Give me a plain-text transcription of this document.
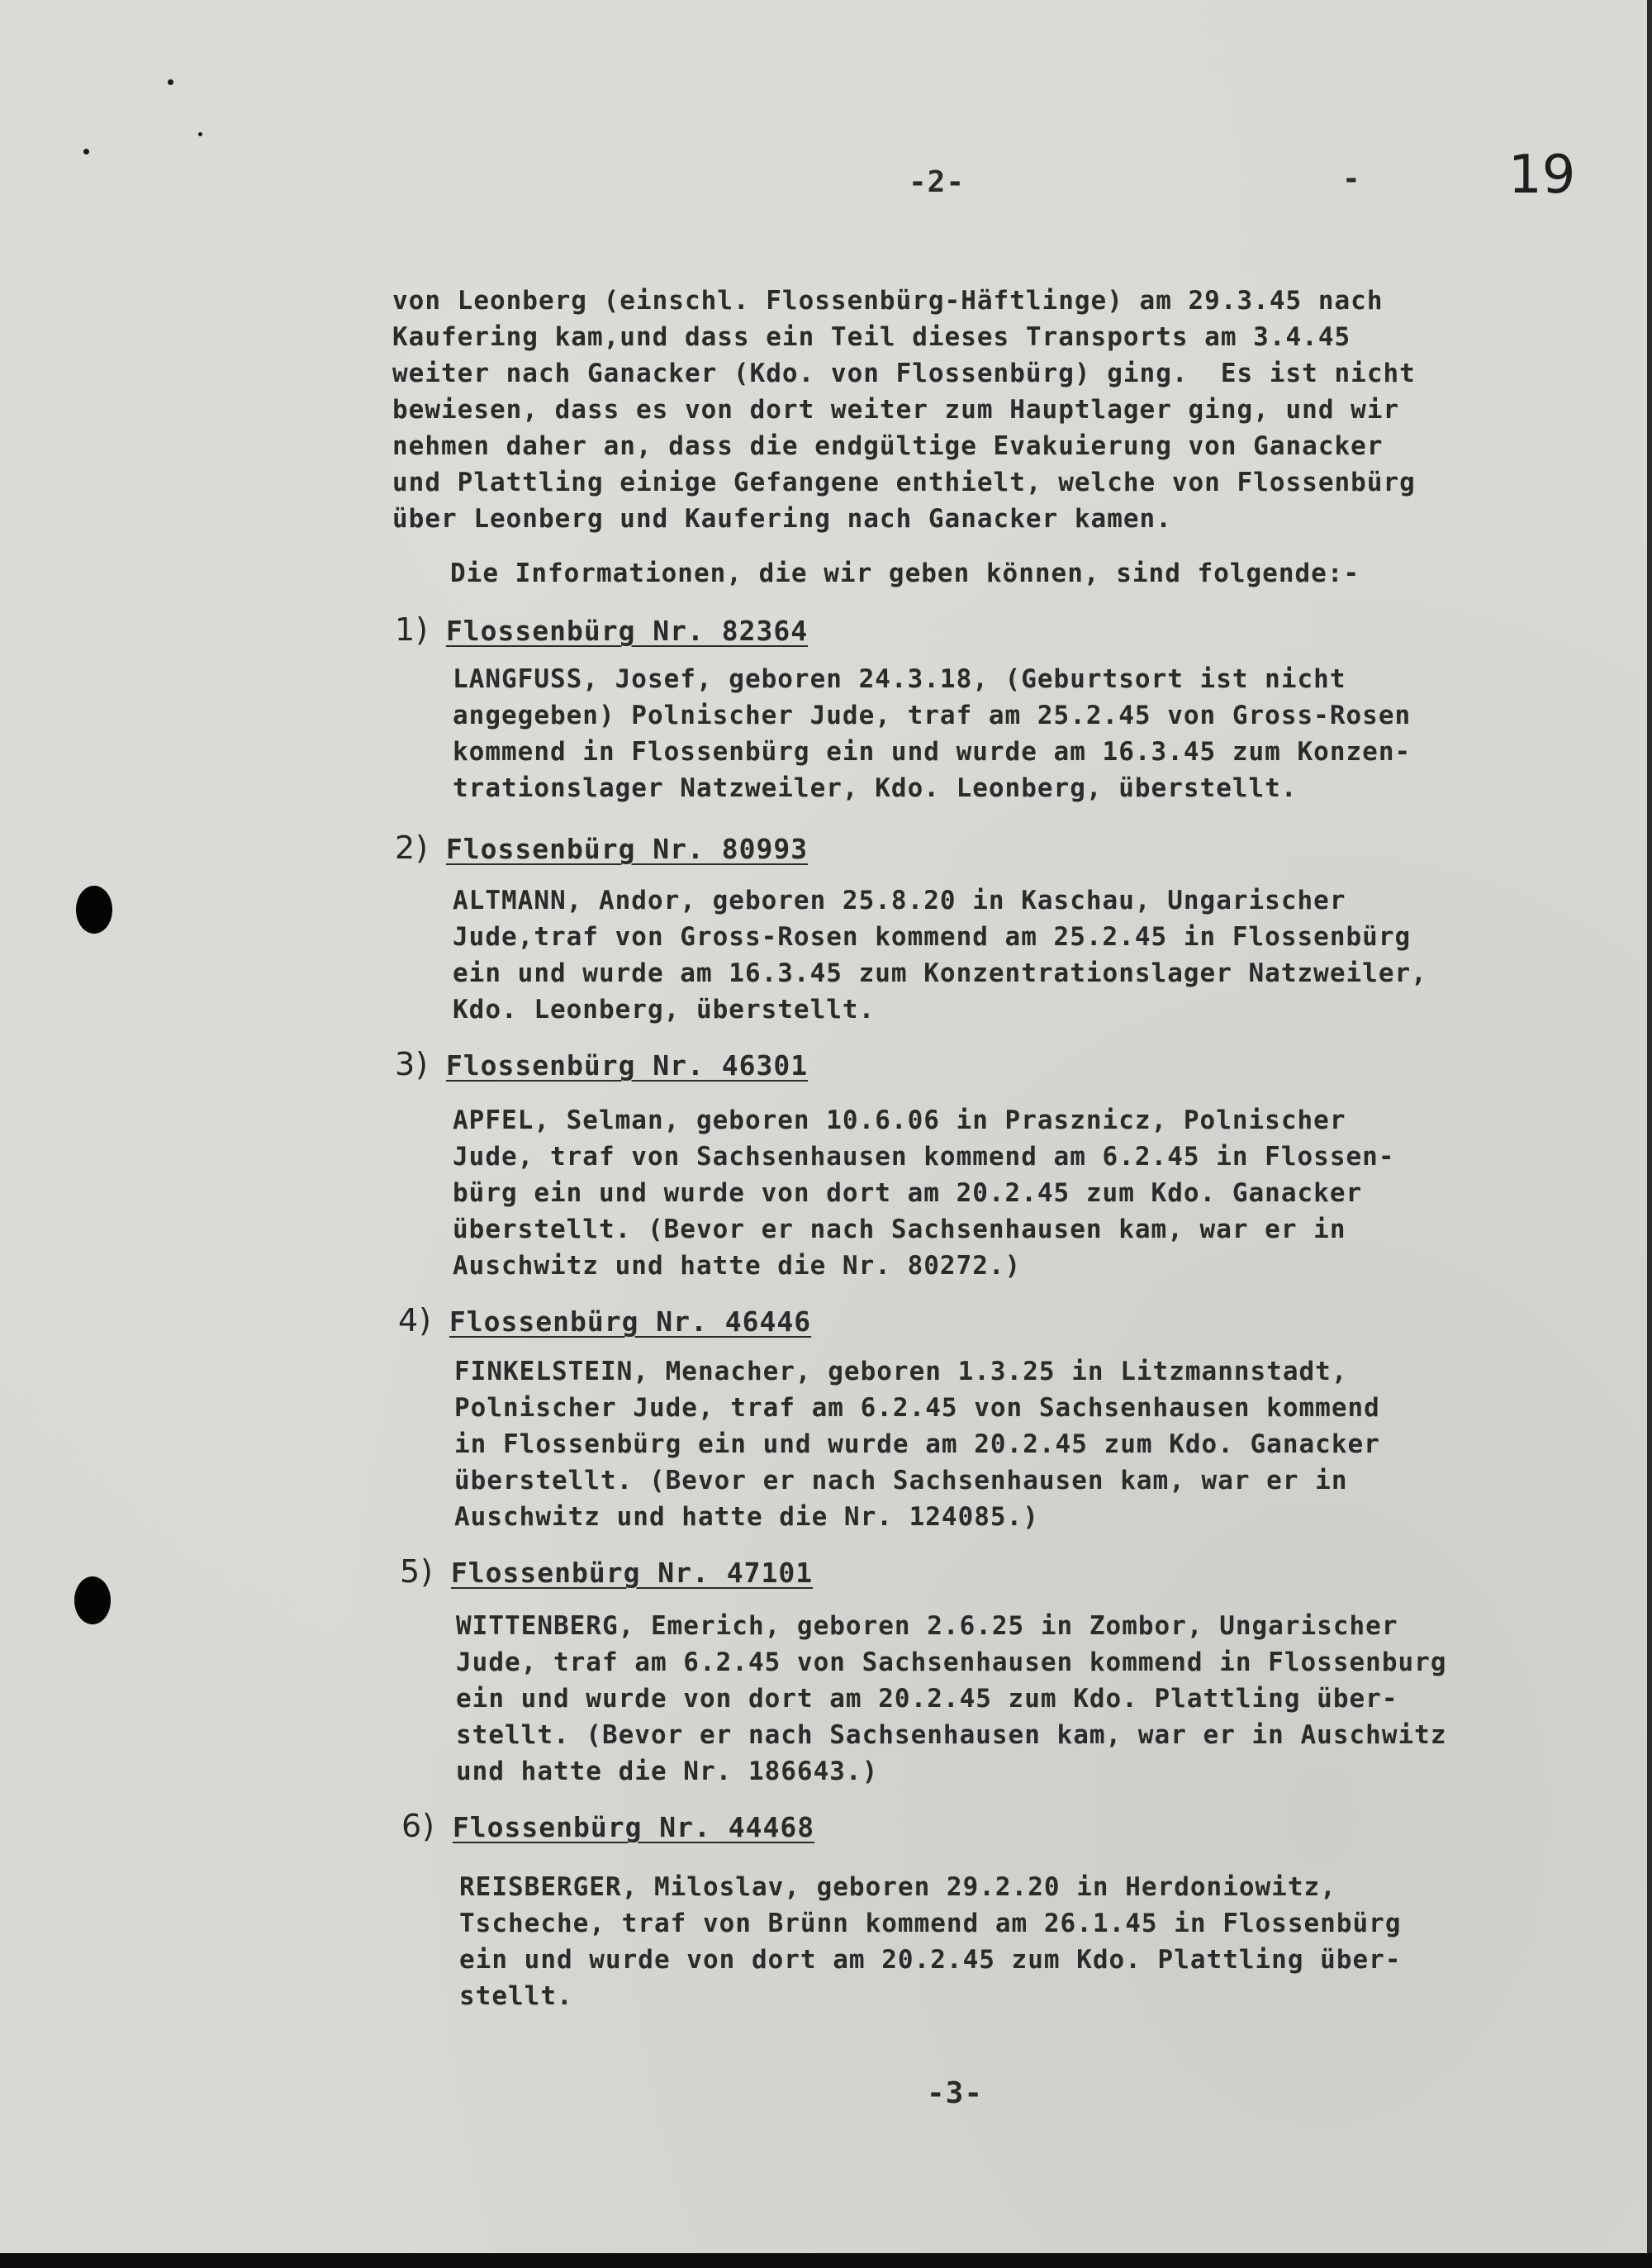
-2-	-	19
von Leonberg (einschl. Flossenbürg-Häftlinge) am 29.3.45 nach
Kaufering kam,und dass ein Teil dieses Transports am 3.4.45
weiter nach Ganacker (Kdo. von Flossenbürg) ging.  Es ist nicht
bewiesen, dass es von dort weiter zum Hauptlager ging, und wir
nehmen daher an, dass die endgültige Evakuierung von Ganacker
und Plattling einige Gefangene enthielt, welche von Flossenbürg
über Leonberg und Kaufering nach Ganacker kamen.
Die Informationen, die wir geben können, sind folgende:-
1) Flossenbürg Nr. 82364
LANGFUSS, Josef, geboren 24.3.18, (Geburtsort ist nicht
angegeben) Polnischer Jude, traf am 25.2.45 von Gross-Rosen
kommend in Flossenbürg ein und wurde am 16.3.45 zum Konzen-
trationslager Natzweiler, Kdo. Leonberg, überstellt.
2) Flossenbürg Nr. 80993
ALTMANN, Andor, geboren 25.8.20 in Kaschau, Ungarischer
Jude,traf von Gross-Rosen kommend am 25.2.45 in Flossenbürg
ein und wurde am 16.3.45 zum Konzentrationslager Natzweiler,
Kdo. Leonberg, überstellt.
3) Flossenbürg Nr. 46301
APFEL, Selman, geboren 10.6.06 in Prasznicz, Polnischer
Jude, traf von Sachsenhausen kommend am 6.2.45 in Flossen-
bürg ein und wurde von dort am 20.2.45 zum Kdo. Ganacker
überstellt. (Bevor er nach Sachsenhausen kam, war er in
Auschwitz und hatte die Nr. 80272.)
4) Flossenbürg Nr. 46446
FINKELSTEIN, Menacher, geboren 1.3.25 in Litzmannstadt,
Polnischer Jude, traf am 6.2.45 von Sachsenhausen kommend
in Flossenbürg ein und wurde am 20.2.45 zum Kdo. Ganacker
überstellt. (Bevor er nach Sachsenhausen kam, war er in
Auschwitz und hatte die Nr. 124085.)
5) Flossenbürg Nr. 47101
WITTENBERG, Emerich, geboren 2.6.25 in Zombor, Ungarischer
Jude, traf am 6.2.45 von Sachsenhausen kommend in Flossenburg
ein und wurde von dort am 20.2.45 zum Kdo. Plattling über-
stellt. (Bevor er nach Sachsenhausen kam, war er in Auschwitz
und hatte die Nr. 186643.)
6) Flossenbürg Nr. 44468
REISBERGER, Miloslav, geboren 29.2.20 in Herdoniowitz,
Tscheche, traf von Brünn kommend am 26.1.45 in Flossenbürg
ein und wurde von dort am 20.2.45 zum Kdo. Plattling über-
stellt.
-3-
